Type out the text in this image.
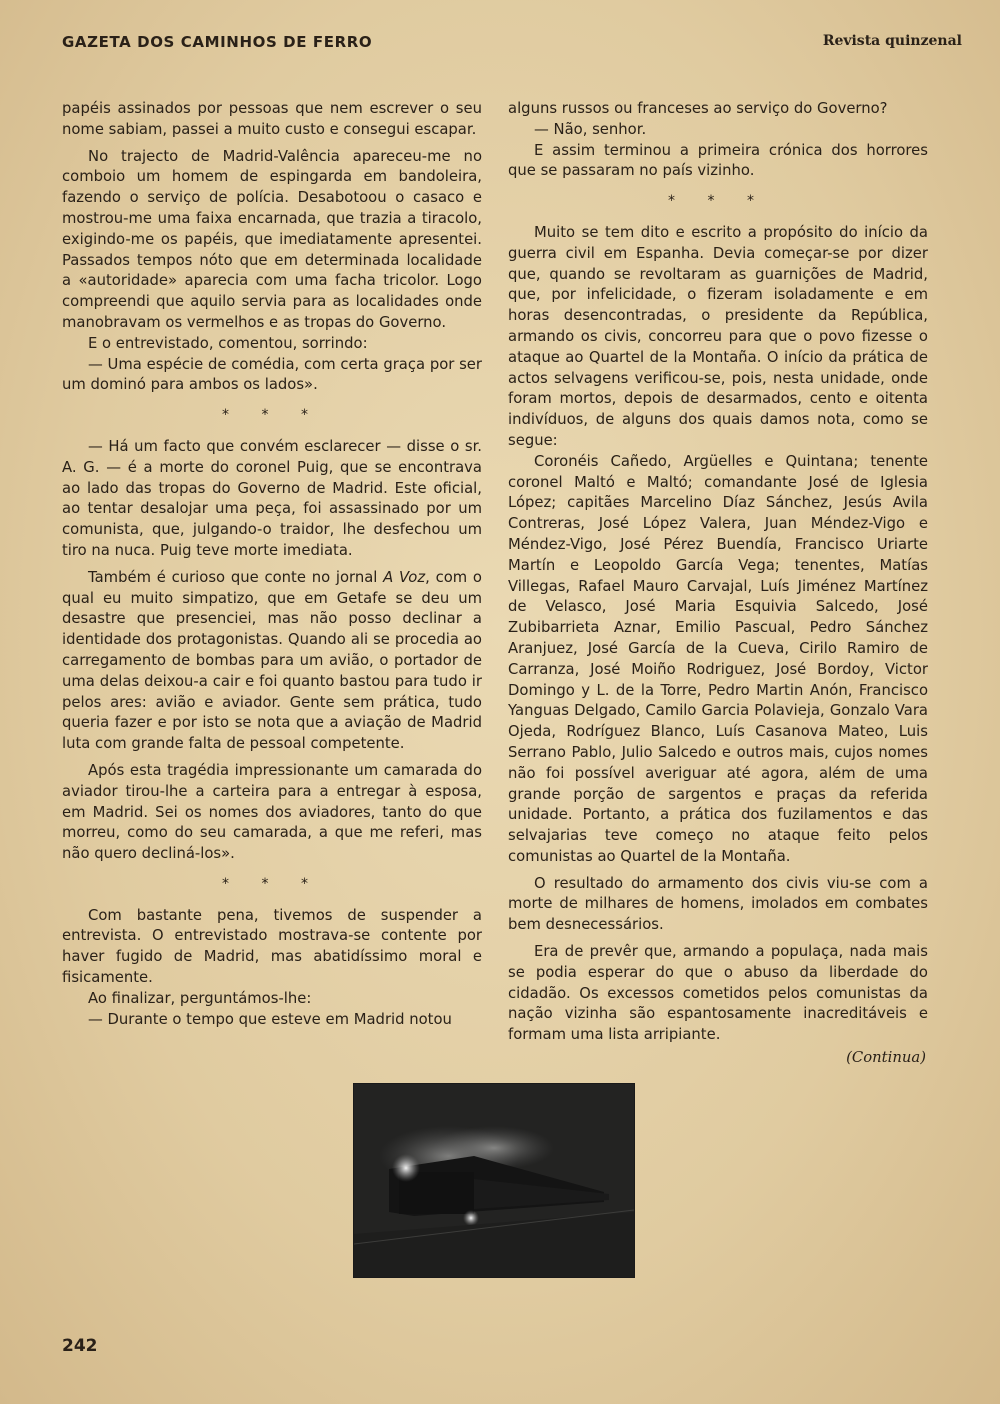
GAZETA DOS CAMINHOS DE FERRO	Revista quinzenal

papéis assinados por pessoas que nem escrever o seu nome sabiam, passei a muito custo e consegui escapar.

No trajecto de Madrid-Valência apareceu-me no comboio um homem de espingarda em bandoleira, fazendo o serviço de polícia. Desabotoou o casaco e mostrou-me uma faixa encarnada, que trazia a tiracolo, exigindo-me os papéis, que imediatamente apresentei. Passados tempos nóto que em determinada localidade a «autoridade» aparecia com uma facha tricolor. Logo compreendi que aquilo servia para as localidades onde manobravam os vermelhos e as tropas do Governo.

E o entrevistado, comentou, sorrindo:

— Uma espécie de comédia, com certa graça por ser um dominó para ambos os lados».

* * *

— Há um facto que convém esclarecer — disse o sr. A. G. — é a morte do coronel Puig, que se encontrava ao lado das tropas do Governo de Madrid. Este oficial, ao tentar desalojar uma peça, foi assassinado por um comunista, que, julgando-o traidor, lhe desfechou um tiro na nuca. Puig teve morte imediata.

Também é curioso que conte no jornal A Voz, com o qual eu muito simpatizo, que em Getafe se deu um desastre que presenciei, mas não posso declinar a identidade dos protagonistas. Quando ali se procedia ao carregamento de bombas para um avião, o portador de uma delas deixou-a cair e foi quanto bastou para tudo ir pelos ares: avião e aviador. Gente sem prática, tudo queria fazer e por isto se nota que a aviação de Madrid luta com grande falta de pessoal competente.

Após esta tragédia impressionante um camarada do aviador tirou-lhe a carteira para a entregar à esposa, em Madrid. Sei os nomes dos aviadores, tanto do que morreu, como do seu camarada, a que me referi, mas não quero decliná-los».

* * *

Com bastante pena, tivemos de suspender a entrevista. O entrevistado mostrava-se contente por haver fugido de Madrid, mas abatidíssimo moral e fisicamente.

Ao finalizar, perguntámos-lhe:

— Durante o tempo que esteve em Madrid notou

alguns russos ou franceses ao serviço do Governo?

— Não, senhor.

E assim terminou a primeira crónica dos horrores que se passaram no país vizinho.

* * *

Muito se tem dito e escrito a propósito do início da guerra civil em Espanha. Devia começar-se por dizer que, quando se revoltaram as guarnições de Madrid, que, por infelicidade, o fizeram isoladamente e em horas desencontradas, o presidente da República, armando os civis, concorreu para que o povo fizesse o ataque ao Quartel de la Montaña. O início da prática de actos selvagens verificou-se, pois, nesta unidade, onde foram mortos, depois de desarmados, cento e oitenta indivíduos, de alguns dos quais damos nota, como se segue:

Coronéis Cañedo, Argüelles e Quintana; tenente coronel Maltó e Maltó; comandante José de Iglesia López; capitães Marcelino Díaz Sánchez, Jesús Avila Contreras, José López Valera, Juan Méndez-Vigo e Méndez-Vigo, José Pérez Buendía, Francisco Uriarte Martín e Leopoldo García Vega; tenentes, Matías Villegas, Rafael Mauro Carvajal, Luís Jiménez Martínez de Velasco, José Maria Esquivia Salcedo, José Zubibarrieta Aznar, Emilio Pascual, Pedro Sánchez Aranjuez, José García de la Cueva, Cirilo Ramiro de Carranza, José Moiño Rodriguez, José Bordoy, Victor Domingo y L. de la Torre, Pedro Martin Anón, Francisco Yanguas Delgado, Camilo Garcia Polavieja, Gonzalo Vara Ojeda, Rodríguez Blanco, Luís Casanova Mateo, Luis Serrano Pablo, Julio Salcedo e outros mais, cujos nomes não foi possível averiguar até agora, além de uma grande porção de sargentos e praças da referida unidade. Portanto, a prática dos fuzilamentos e das selvajarias teve começo no ataque feito pelos comunistas ao Quartel de la Montaña.

O resultado do armamento dos civis viu-se com a morte de milhares de homens, imolados em combates bem desnecessários.

Era de prevêr que, armando a populaça, nada mais se podia esperar do que o abuso da liberdade do cidadão. Os excessos cometidos pelos comunistas da nação vizinha são espantosamente inacreditáveis e formam uma lista arripiante.

(Continua)
242
